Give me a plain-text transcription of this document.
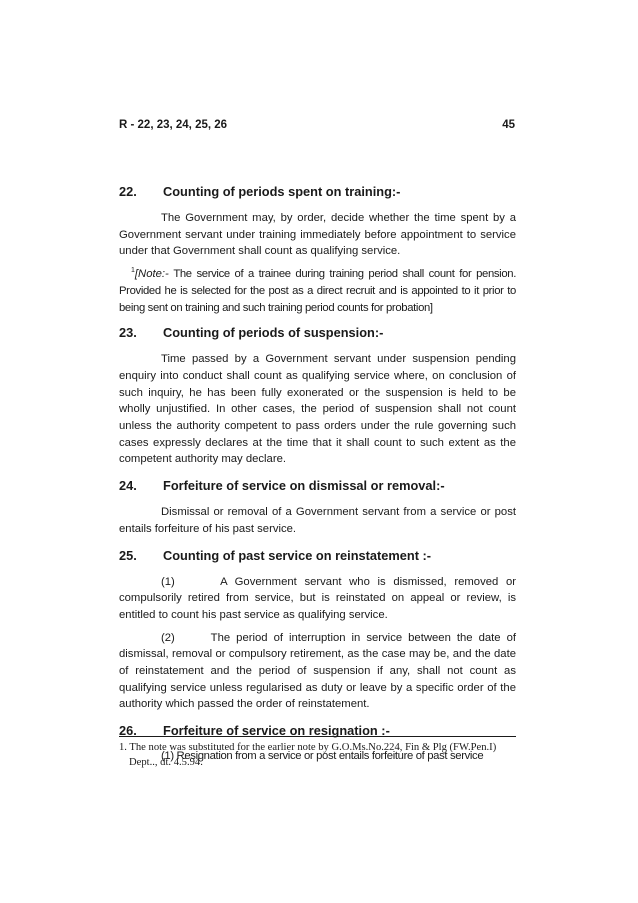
R - 22, 23, 24, 25, 26	45
22.	Counting of periods spent on training:-

The Government may, by order, decide whether the time spent by a Government servant under training immediately before appointment to service under that Government shall count as qualifying service.

$^1$[Note:- The service of a trainee during training period shall count for pension. Provided he is selected for the post as a direct recruit and is appointed to it prior to being sent on training and such training period counts for probation]

23.	Counting of periods of suspension:-

Time passed by a Government servant under suspension pending enquiry into conduct shall count as qualifying service where, on conclusion of such inquiry, he has been fully exonerated or the suspension is held to be wholly unjustified. In other cases, the period of suspension shall not count unless the authority competent to pass orders under the rule governing such cases expressly declares at the time that it shall count to such extent as the competent authority may declare.

24.	Forfeiture of service on dismissal or removal:-

Dismissal or removal of a Government servant from a service or post entails forfeiture of his past service.

25.	Counting of past service on reinstatement :-

(1)      A Government servant who is dismissed, removed or compulsorily retired from service, but is reinstated on appeal or review, is entitled to count his past service as qualifying service.

(2)      The period of interruption in service between the date of dismissal, removal or compulsory retirement, as the case may be, and the date of reinstatement and the period of suspension if any, shall not count as qualifying service unless regularised as duty or leave by a specific order of the authority which passed the order of reinstatement.

26.	Forfeiture of service on resignation :-

(1) Resignation from a service or post entails forfeiture of past service

1. The note was substituted for the earlier note by G.O.Ms.No.224, Fin & Plg (FW.Pen.I)
Dept.., dt. 4.5.94.
